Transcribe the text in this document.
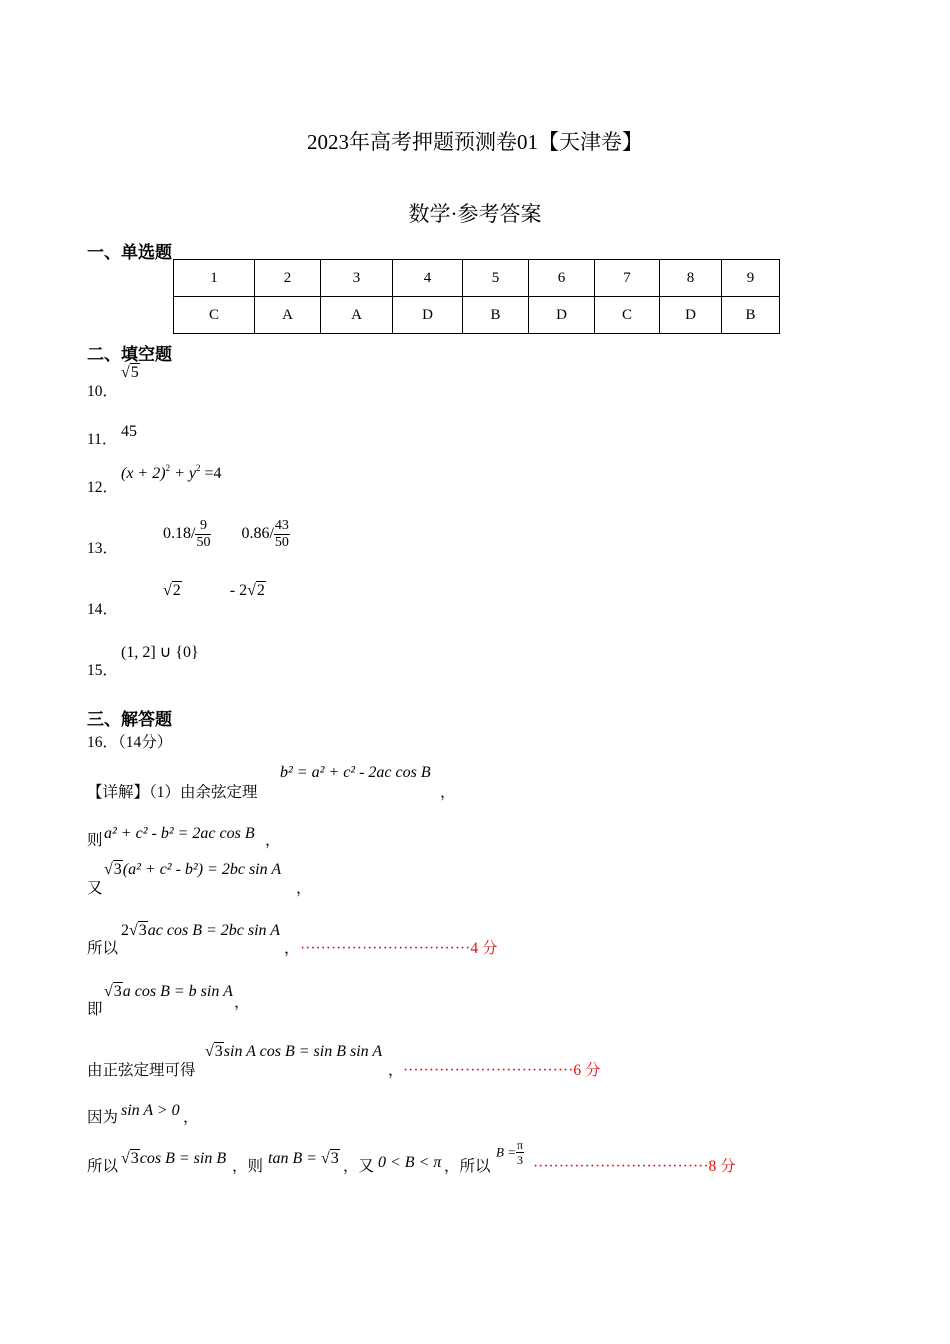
2023年高考押题预测卷01【天津卷】
数学·参考答案
一、单选题
1	2	3	4	5	6	7	8	9
C	A	A	D	B	D	C	D	B
二、填空题
10．
√5
11． 45
12．
$(x + 2)^2 + y^2 =4$
13．
$0.18/ \frac{9}{50} 0.86/ \frac{43}{50}$
14．
√2	- 2√2
15．
(1, 2] ∪ {0}
三、解答题
16．（14分）
【详解】（1）由余弦定理
b² = a² + c² - 2ac cos B
，
则 a² + c² - b² = 2ac cos B ，
又
√3(a² + c² - b²) = 2bc sin A
，
所以
2√3ac cos B = 2bc sin A
， ·································4 分
即
√3a cos B = b sin A
，
由正弦定理可得
√3sin A cos B = sin B sin A
， ·································6 分
因为 sin A > 0 ，
所以 √3cos B = sin B ，则 tan B = √3 ，又 0 < B < π ，所以
$B = \frac{\pi}{3} \cdot\cdot\cdot\cdot\cdot\cdot\cdot\cdot\cdot\cdot\cdot\cdot\cdot\cdot\cdot\cdot\cdot\cdot\cdot\cdot\cdot\cdot\cdot\cdot\cdot\cdot\cdot\cdot\cdot\cdot\cdot\cdot\cdot\cdot 8$ 分
